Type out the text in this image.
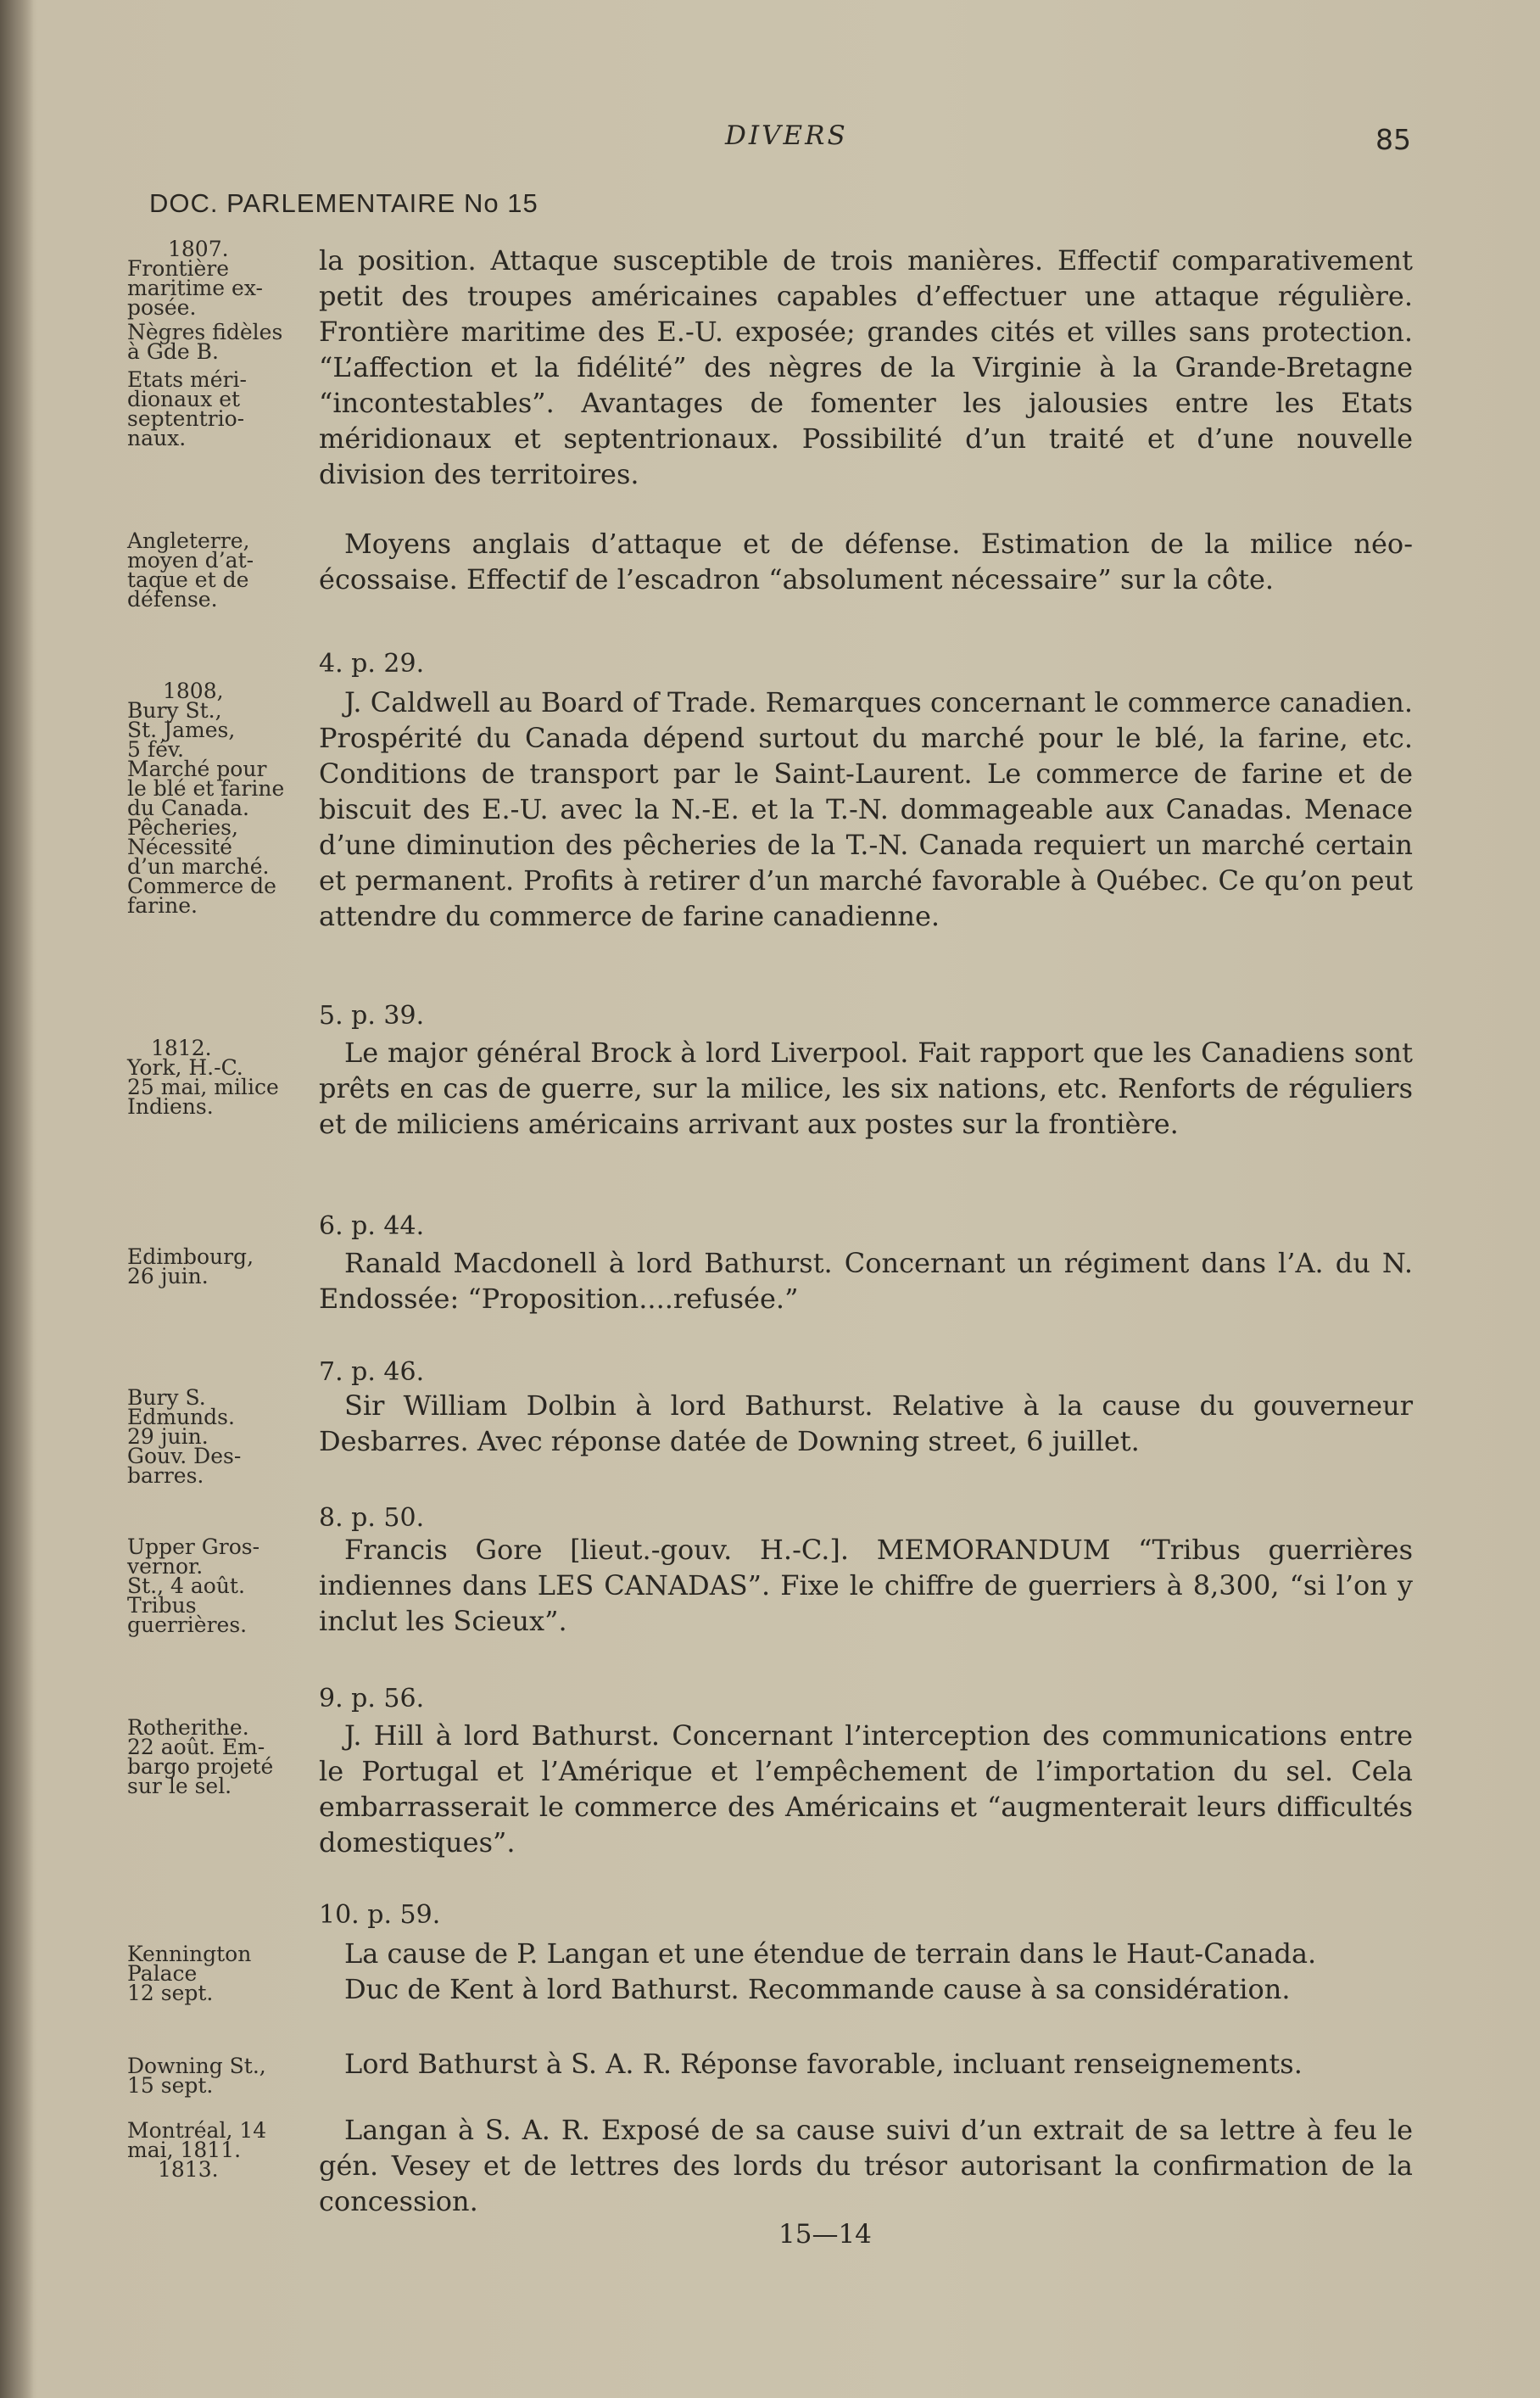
DIVERS	85
DOC. PARLEMENTAIRE No 15
1807.
Frontière
maritime ex-
posée.
Nègres fidèles
à Gde B.
Etats méri-
dionaux et
septentrio-
naux.
la position. Attaque susceptible de trois manières. Effectif comparativement petit des troupes américaines capables d’effectuer une attaque régulière. Frontière maritime des E.-U. exposée; grandes cités et villes sans protection. “L’affection et la fidélité” des nègres de la Virginie à la Grande-Bretagne “incontestables”. Avantages de fomenter les jalousies entre les Etats méridionaux et septentrionaux. Possibilité d’un traité et d’une nouvelle division des territoires.
Angleterre,
moyen d’at-
taque et de
défense.
Moyens anglais d’attaque et de défense. Estimation de la milice néo-écossaise. Effectif de l’escadron “absolument nécessaire” sur la côte.
4. p. 29.
1808,
Bury St.,
St. James,
5 fév.
Marché pour
le blé et farine
du Canada.
Pêcheries,
Nécessité
d’un marché.
Commerce de
farine.
J. Caldwell au Board of Trade. Remarques concernant le commerce canadien. Prospérité du Canada dépend surtout du marché pour le blé, la farine, etc. Conditions de transport par le Saint-Laurent. Le commerce de farine et de biscuit des E.-U. avec la N.-E. et la T.-N. dommageable aux Canadas. Menace d’une diminution des pêcheries de la T.-N. Canada requiert un marché certain et permanent. Profits à retirer d’un marché favorable à Québec. Ce qu’on peut attendre du commerce de farine canadienne.
5. p. 39.
1812.
York, H.-C.
25 mai, milice
Indiens.
Le major général Brock à lord Liverpool. Fait rapport que les Canadiens sont prêts en cas de guerre, sur la milice, les six nations, etc. Renforts de réguliers et de miliciens américains arrivant aux postes sur la frontière.
6. p. 44.
Edimbourg,
26 juin.	Ranald Macdonell à lord Bathurst. Concernant un régiment dans l’A. du N. Endossée: “Proposition....refusée.”
7. p. 46.
Bury S.
Edmunds.
29 juin.
Gouv. Des-
barres.
Sir William Dolbin à lord Bathurst. Relative à la cause du gouverneur Desbarres. Avec réponse datée de Downing street, 6 juillet.
8. p. 50.
Upper Gros-
vernor.
St., 4 août.
Tribus
guerrières.
Francis Gore [lieut.-gouv. H.-C.]. MEMORANDUM “Tribus guerrières indiennes dans LES CANADAS”. Fixe le chiffre de guerriers à 8,300, “si l’on y inclut les Scieux”.
9. p. 56.
Rotherithe.
22 août. Em-
bargo projeté
sur le sel.
J. Hill à lord Bathurst. Concernant l’interception des communications entre le Portugal et l’Amérique et l’empêchement de l’importation du sel. Cela embarrasserait le commerce des Américains et “augmenterait leurs difficultés domestiques”.
10. p. 59.
Kennington
Palace
12 sept.

La cause de P. Langan et une étendue de terrain dans le Haut-Canada.

Duc de Kent à lord Bathurst. Recommande cause à sa considération.

Downing St.,
15 sept.
Lord Bathurst à S. A. R. Réponse favorable, incluant renseignements.
Montréal, 14
mai, 1811.
1813.
Langan à S. A. R. Exposé de sa cause suivi d’un extrait de sa lettre à feu le gén. Vesey et de lettres des lords du trésor autorisant la confirmation de la concession.
15—14
